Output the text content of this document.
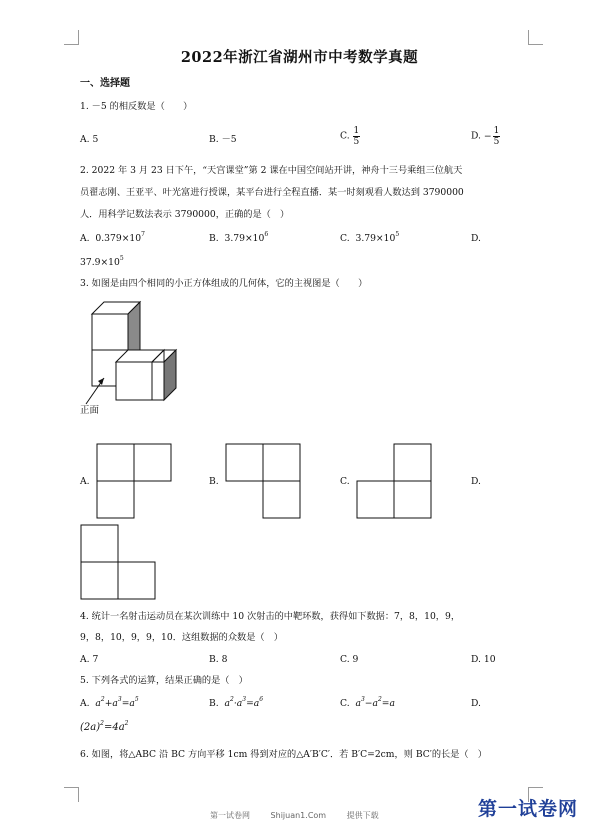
2022年浙江省湖州市中考数学真题
一、选择题
1. －5 的相反数是（　　）
A. 5	B. －5	C. $\frac{1}{5}$	D. − $\frac{1}{5}$
2. 2022 年 3 月 23 日下午，“天宫课堂”第 2 课在中国空间站开讲，神舟十三号乘组三位航天
员翟志刚、王亚平、叶光富进行授课，某平台进行全程直播．某一时刻观看人数达到 3790000
人．用科学记数法表示 3790000，正确的是（　）
A. $0.379\times 10^7$	B. $3.79\times 10^6$	C. $3.79\times 10^5$	D.
$37.9\times 10^5$
3. 如图是由四个相同的小正方体组成的几何体，它的主视图是（　　）
正面
A.	B.	C.	D.
4. 统计一名射击运动员在某次训练中 10 次射击的中靶环数，获得如下数据：7，8，10，9，
9，8，10，9，9，10．这组数据的众数是（　）
A. 7	B. 8	C. 9	D. 10
5. 下列各式的运算，结果正确的是（　）
A. $a^2+a^3=a^5$	B. $a^2\cdot a^3=a^6$	C. $a^3-a^2=a$	D.
$(2a)^2=4a^2$
6. 如图，将△ABC 沿 BC 方向平移 1cm 得到对应的△A′B′C′．若 B′C=2cm，则 BC′的长是（　）
第一试卷网	Shijuan1.Com	提供下载	第一试卷网
